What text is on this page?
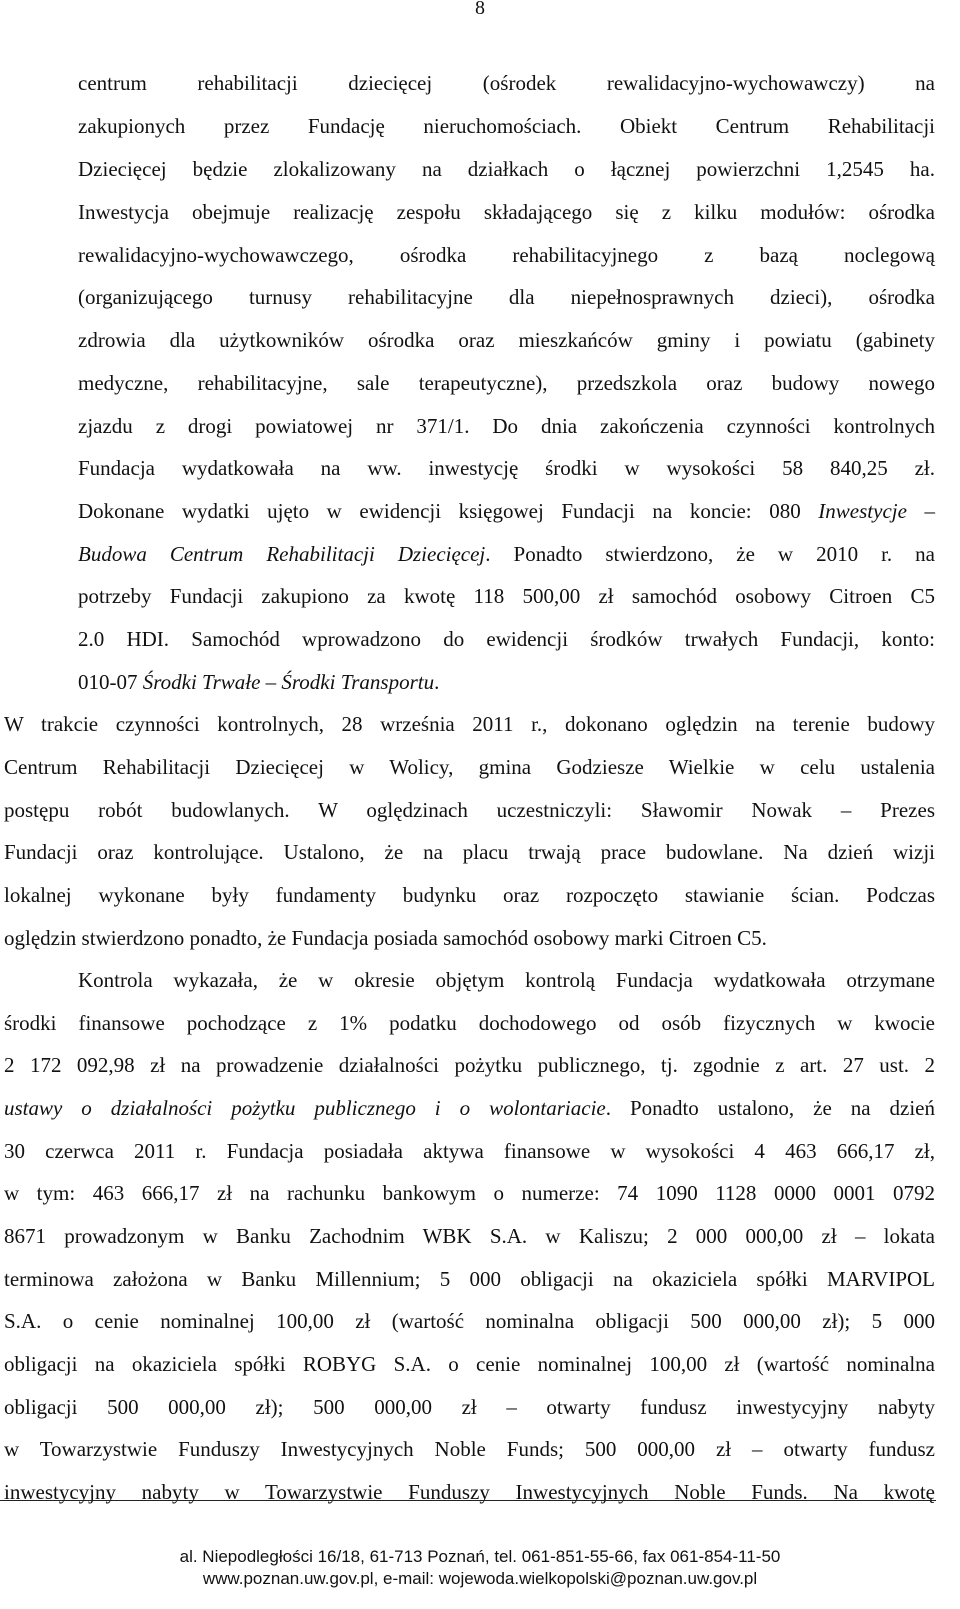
8
centrum rehabilitacji dziecięcej (ośrodek rewalidacyjno-wychowawczy) na
zakupionych przez Fundację nieruchomościach. Obiekt Centrum Rehabilitacji
Dziecięcej będzie zlokalizowany na działkach o łącznej powierzchni 1,2545 ha.
Inwestycja obejmuje realizację zespołu składającego się z kilku modułów: ośrodka
rewalidacyjno-wychowawczego, ośrodka rehabilitacyjnego z bazą noclegową
(organizującego turnusy rehabilitacyjne dla niepełnosprawnych dzieci), ośrodka
zdrowia dla użytkowników ośrodka oraz mieszkańców gminy i powiatu (gabinety
medyczne, rehabilitacyjne, sale terapeutyczne), przedszkola oraz budowy nowego
zjazdu z drogi powiatowej nr 371/1. Do dnia zakończenia czynności kontrolnych
Fundacja wydatkowała na ww. inwestycję środki w wysokości 58 840,25 zł.
Dokonane wydatki ujęto w ewidencji księgowej Fundacji na koncie: 080 Inwestycje –
Budowa Centrum Rehabilitacji Dziecięcej. Ponadto stwierdzono, że w 2010 r. na
potrzeby Fundacji zakupiono za kwotę 118 500,00 zł samochód osobowy Citroen C5
2.0 HDI. Samochód wprowadzono do ewidencji środków trwałych Fundacji, konto:
010-07 Środki Trwałe – Środki Transportu.
W trakcie czynności kontrolnych, 28 września 2011 r., dokonano oględzin na terenie budowy
Centrum Rehabilitacji Dziecięcej w Wolicy, gmina Godziesze Wielkie w celu ustalenia
postępu robót budowlanych. W oględzinach uczestniczyli: Sławomir Nowak – Prezes
Fundacji oraz kontrolujące. Ustalono, że na placu trwają prace budowlane. Na dzień wizji
lokalnej wykonane były fundamenty budynku oraz rozpoczęto stawianie ścian. Podczas
oględzin stwierdzono ponadto, że Fundacja posiada samochód osobowy marki Citroen C5.
Kontrola wykazała, że w okresie objętym kontrolą Fundacja wydatkowała otrzymane
środki finansowe pochodzące z 1% podatku dochodowego od osób fizycznych w kwocie
2 172 092,98 zł na prowadzenie działalności pożytku publicznego, tj. zgodnie z art. 27 ust. 2
ustawy o działalności pożytku publicznego i o wolontariacie. Ponadto ustalono, że na dzień
30 czerwca 2011 r. Fundacja posiadała aktywa finansowe w wysokości 4 463 666,17 zł,
w tym: 463 666,17 zł na rachunku bankowym o numerze: 74 1090 1128 0000 0001 0792
8671 prowadzonym w Banku Zachodnim WBK S.A. w Kaliszu; 2 000 000,00 zł – lokata
terminowa założona w Banku Millennium; 5 000 obligacji na okaziciela spółki MARVIPOL
S.A. o cenie nominalnej 100,00 zł (wartość nominalna obligacji 500 000,00 zł); 5 000
obligacji na okaziciela spółki ROBYG S.A. o cenie nominalnej 100,00 zł (wartość nominalna
obligacji 500 000,00 zł); 500 000,00 zł – otwarty fundusz inwestycyjny nabyty
w Towarzystwie Funduszy Inwestycyjnych Noble Funds; 500 000,00 zł – otwarty fundusz
inwestycyjny nabyty w Towarzystwie Funduszy Inwestycyjnych Noble Funds. Na kwotę
al. Niepodległości 16/18, 61-713 Poznań, tel. 061-851-55-66, fax 061-854-11-50
www.poznan.uw.gov.pl, e-mail: wojewoda.wielkopolski@poznan.uw.gov.pl
